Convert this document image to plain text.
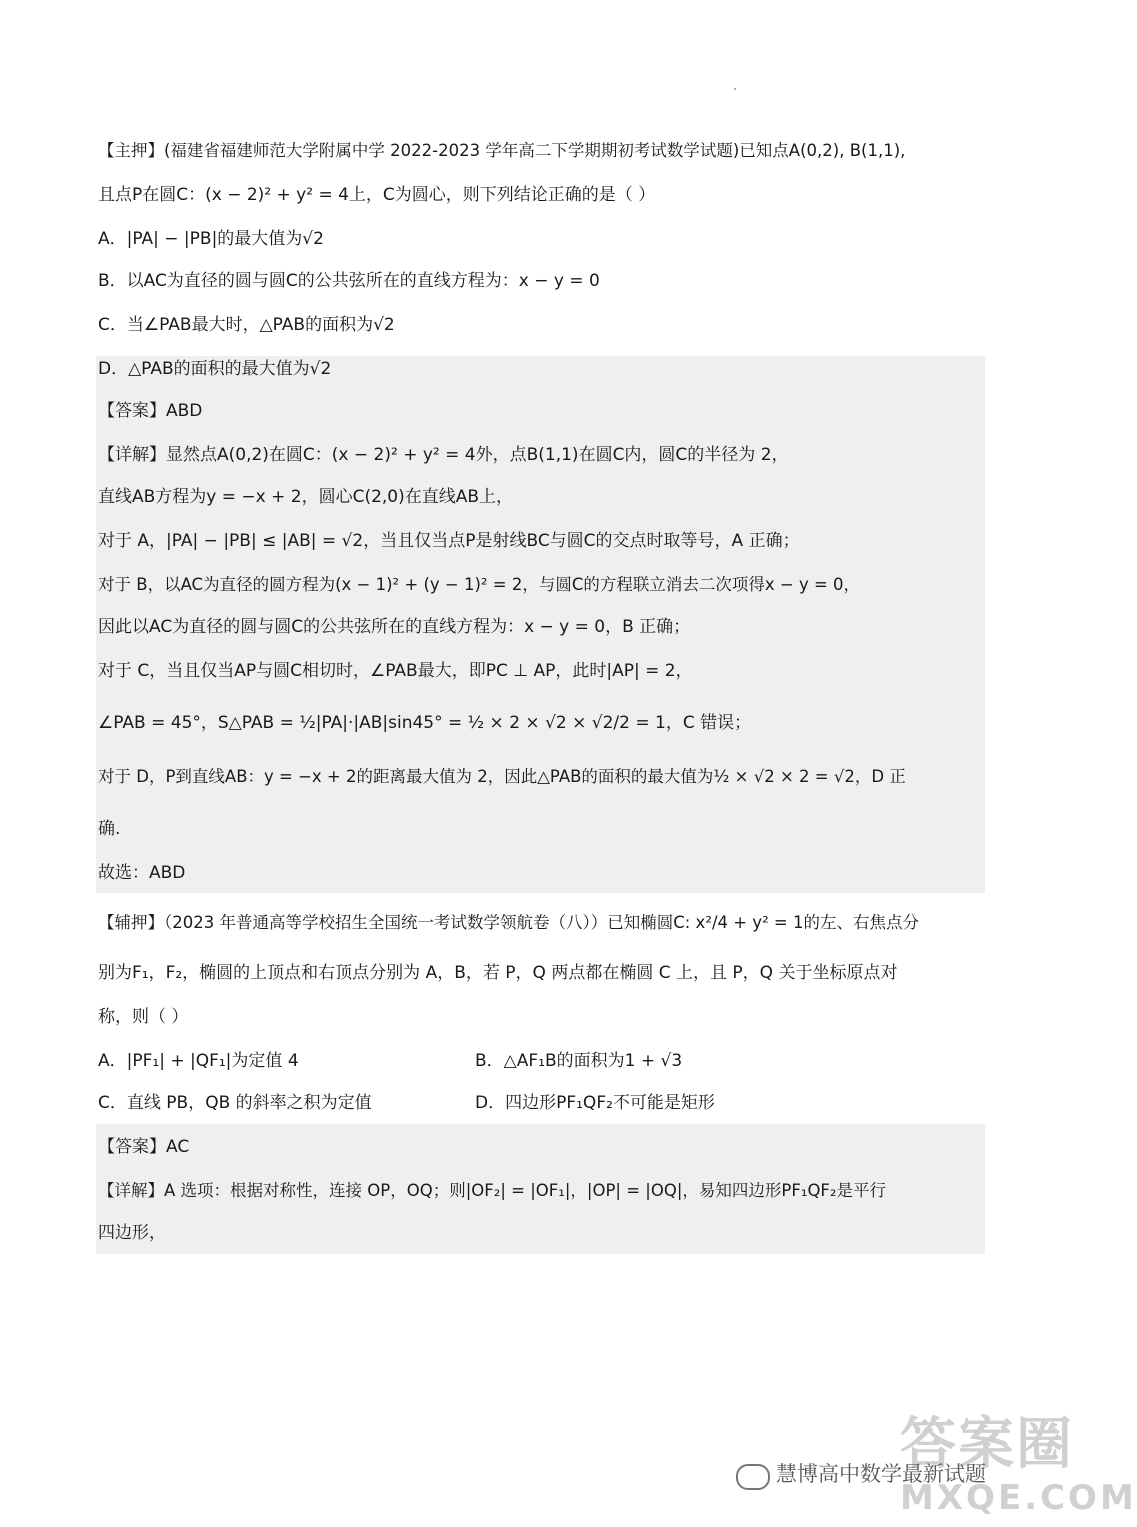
【主押】(福建省福建师范大学附属中学 2022-2023 学年高二下学期期初考试数学试题)已知点A(0,2), B(1,1),
且点P在圆C：(x − 2)² + y² = 4上，C为圆心，则下列结论正确的是（ ）
A．|PA| − |PB|的最大值为√2
B．以AC为直径的圆与圆C的公共弦所在的直线方程为：x − y = 0
C．当∠PAB最大时，△PAB的面积为√2
D．△PAB的面积的最大值为√2
【答案】ABD
【详解】显然点A(0,2)在圆C：(x − 2)² + y² = 4外，点B(1,1)在圆C内，圆C的半径为 2，
直线AB方程为y = −x + 2，圆心C(2,0)在直线AB上，
对于 A，|PA| − |PB| ≤ |AB| = √2，当且仅当点P是射线BC与圆C的交点时取等号，A 正确；
对于 B，以AC为直径的圆方程为(x − 1)² + (y − 1)² = 2，与圆C的方程联立消去二次项得x − y = 0，
因此以AC为直径的圆与圆C的公共弦所在的直线方程为：x − y = 0，B 正确；
对于 C，当且仅当AP与圆C相切时，∠PAB最大，即PC ⊥ AP，此时|AP| = 2，
∠PAB = 45°，S△PAB = ½|PA|·|AB|sin45° = ½ × 2 × √2 × √2/2 = 1，C 错误；
对于 D，P到直线AB：y = −x + 2的距离最大值为 2，因此△PAB的面积的最大值为½ × √2 × 2 = √2，D 正
确.
故选：ABD
【辅押】（2023 年普通高等学校招生全国统一考试数学领航卷（八））已知椭圆C: x²/4 + y² = 1的左、右焦点分
别为F₁，F₂，椭圆的上顶点和右顶点分别为 A，B，若 P，Q 两点都在椭圆 C 上，且 P，Q 关于坐标原点对
称，则（ ）
A．|PF₁| + |QF₁|为定值 4	B．△AF₁B的面积为1 + √3
C．直线 PB，QB 的斜率之积为定值	D．四边形PF₁QF₂不可能是矩形
【答案】AC
【详解】A 选项：根据对称性，连接 OP，OQ；则|OF₂| = |OF₁|，|OP| = |OQ|，易知四边形PF₁QF₂是平行
四边形，
慧博高中数学最新试题
答案圈
MXQE.COM
